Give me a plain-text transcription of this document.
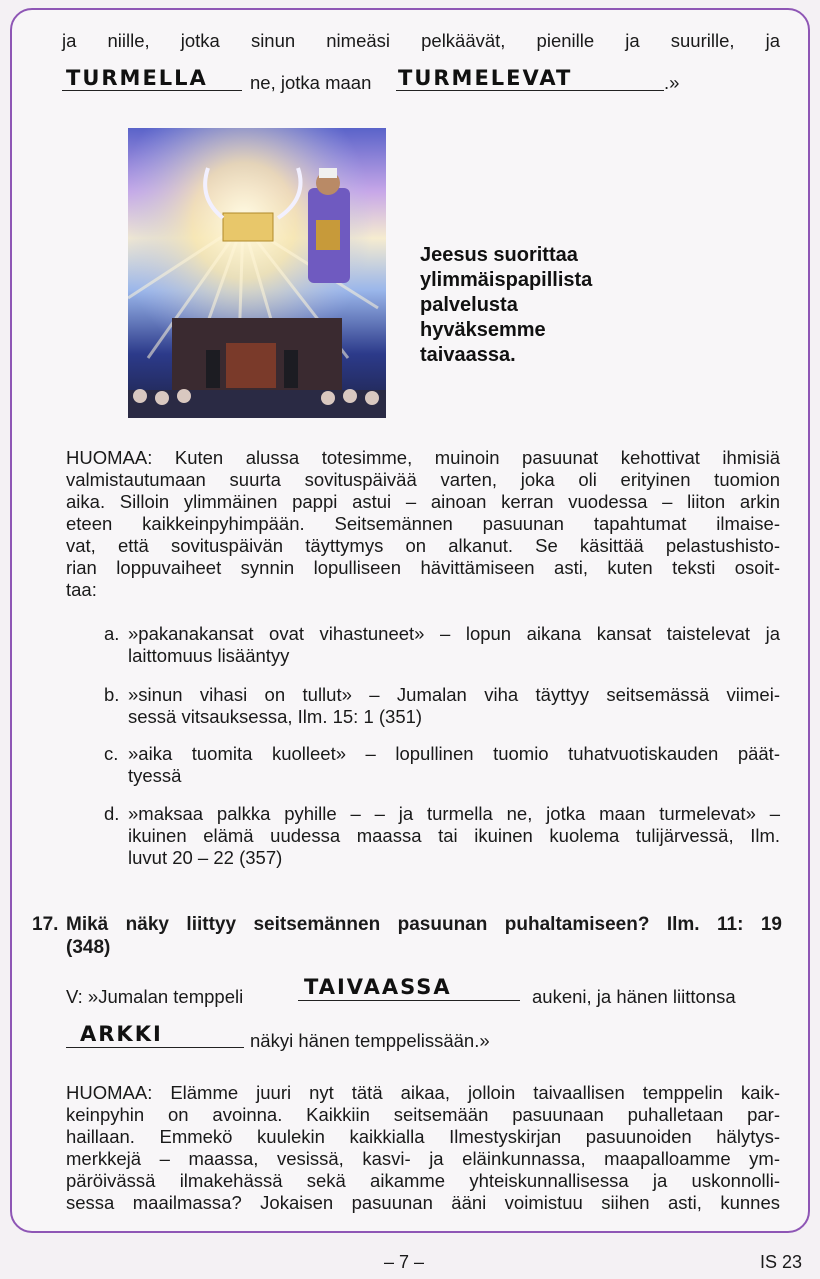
ja niille, jotka sinun nimeäsi pelkäävät, pienille ja suurille, ja
TURMELLA ne, jotka maan TURMELEVAT	.»
Jeesus suorittaa
ylimmäispapillista
palvelusta
hyväksemme
taivaassa.
HUOMAA: Kuten alussa totesimme, muinoin pasuunat kehottivat ihmisiä
valmistautumaan suurta sovituspäivää varten, joka oli erityinen tuomion
aika. Silloin ylimmäinen pappi astui – ainoan kerran vuodessa – liiton arkin
eteen kaikkeinpyhimpään. Seitsemännen pasuunan tapahtumat ilmaise-
vat, että sovituspäivän täyttymys on alkanut. Se käsittää pelastushisto-
rian loppuvaiheet synnin lopulliseen hävittämiseen asti, kuten teksti osoit-
taa:
a. »pakanakansat ovat vihastuneet» – lopun aikana kansat taistelevat ja
laittomuus lisääntyy
b. »sinun vihasi on tullut» – Jumalan viha täyttyy seitsemässä viimei-
sessä vitsauksessa, Ilm. 15: 1 (351)
c. »aika tuomita kuolleet» – lopullinen tuomio tuhatvuotiskauden päät-
tyessä
d. »maksaa palkka pyhille – – ja turmella ne, jotka maan turmelevat» –
ikuinen elämä uudessa maassa tai ikuinen kuolema tulijärvessä, Ilm.
luvut 20 – 22 (357)
17. Mikä näky liittyy seitsemännen pasuunan puhaltamiseen? Ilm. 11: 19
(348)
V: »Jumalan temppeli	TAIVAASSA	aukeni, ja hänen liittonsa
ARKKI	näkyi hänen temppelissään.»
HUOMAA: Elämme juuri nyt tätä aikaa, jolloin taivaallisen temppelin kaik-
keinpyhin on avoinna. Kaikkiin seitsemään pasuunaan puhalletaan par-
haillaan. Emmekö kuulekin kaikkialla Ilmestyskirjan pasuunoiden hälytys-
merkkejä – maassa, vesissä, kasvi- ja eläinkunnassa, maapalloamme ym-
päröivässä ilmakehässä sekä aikamme yhteiskunnallisessa ja uskonnolli-
sessa maailmassa? Jokaisen pasuunan ääni voimistuu siihen asti, kunnes
– 7 –	IS 23
